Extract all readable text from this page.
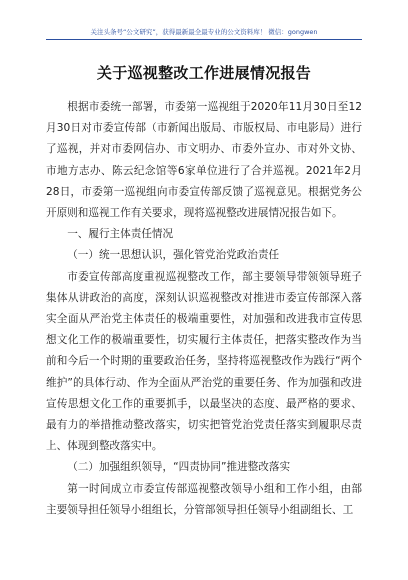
关注头条号“公文研究”，获得最新最全最专业的公文资料库！ 微信：gongwen
关于巡视整改工作进展情况报告

根据市委统一部署，市委第一巡视组于2020年11月30日至12月30日对市委宣传部（市新闻出版局、市版权局、市电影局）进行了巡视，并对市委网信办、市文明办、市委外宣办、市对外文协、市地方志办、陈云纪念馆等6家单位进行了合并巡视。2021年2月28日，市委第一巡视组向市委宣传部反馈了巡视意见。根据党务公开原则和巡视工作有关要求，现将巡视整改进展情况报告如下。

一、履行主体责任情况

（一）统一思想认识，强化管党治党政治责任

市委宣传部高度重视巡视整改工作，部主要领导带领领导班子集体从讲政治的高度，深刻认识巡视整改对推进市委宣传部深入落实全面从严治党主体责任的极端重要性，对加强和改进我市宣传思想文化工作的极端重要性，切实履行主体责任，把落实整改作为当前和今后一个时期的重要政治任务，坚持将巡视整改作为践行“两个维护”的具体行动、作为全面从严治党的重要任务、作为加强和改进宣传思想文化工作的重要抓手，以最坚决的态度、最严格的要求、最有力的举措推动整改落实，切实把管党治党责任落实到履职尽责上、体现到整改落实中。

（二）加强组织领导，“四责协同”推进整改落实

第一时间成立市委宣传部巡视整改领导小组和工作小组，由部主要领导担任领导小组组长，分管部领导担任领导小组副组长、工
